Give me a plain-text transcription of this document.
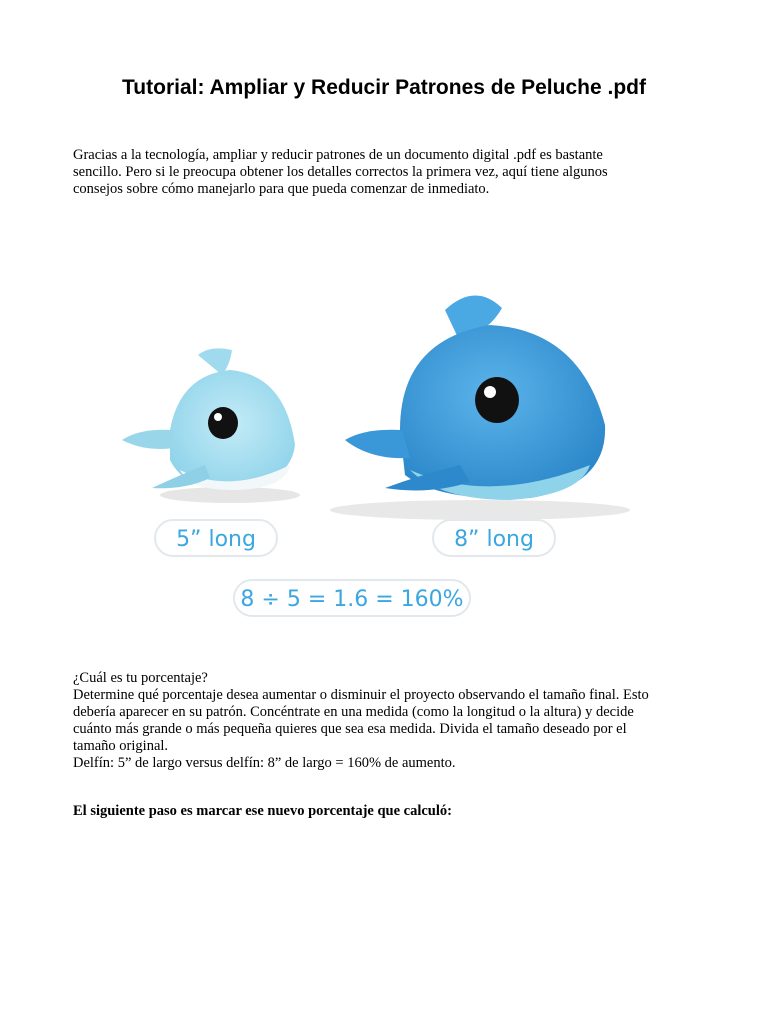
Tutorial: Ampliar y Reducir Patrones de Peluche .pdf
Gracias a la tecnología, ampliar y reducir patrones de un documento digital .pdf es bastante
sencillo. Pero si le preocupa obtener los detalles correctos la primera vez, aquí tiene algunos
consejos sobre cómo manejarlo para que pueda comenzar de inmediato.
5” long	8” long
8 ÷ 5 = 1.6 = 160%
¿Cuál es tu porcentaje?
Determine qué porcentaje desea aumentar o disminuir el proyecto observando el tamaño final. Esto
debería aparecer en su patrón. Concéntrate en una medida (como la longitud o la altura) y decide
cuánto más grande o más pequeña quieres que sea esa medida. Divida el tamaño deseado por el
tamaño original.
Delfín: 5” de largo versus delfín: 8” de largo = 160% de aumento.
El siguiente paso es marcar ese nuevo porcentaje que calculó:
